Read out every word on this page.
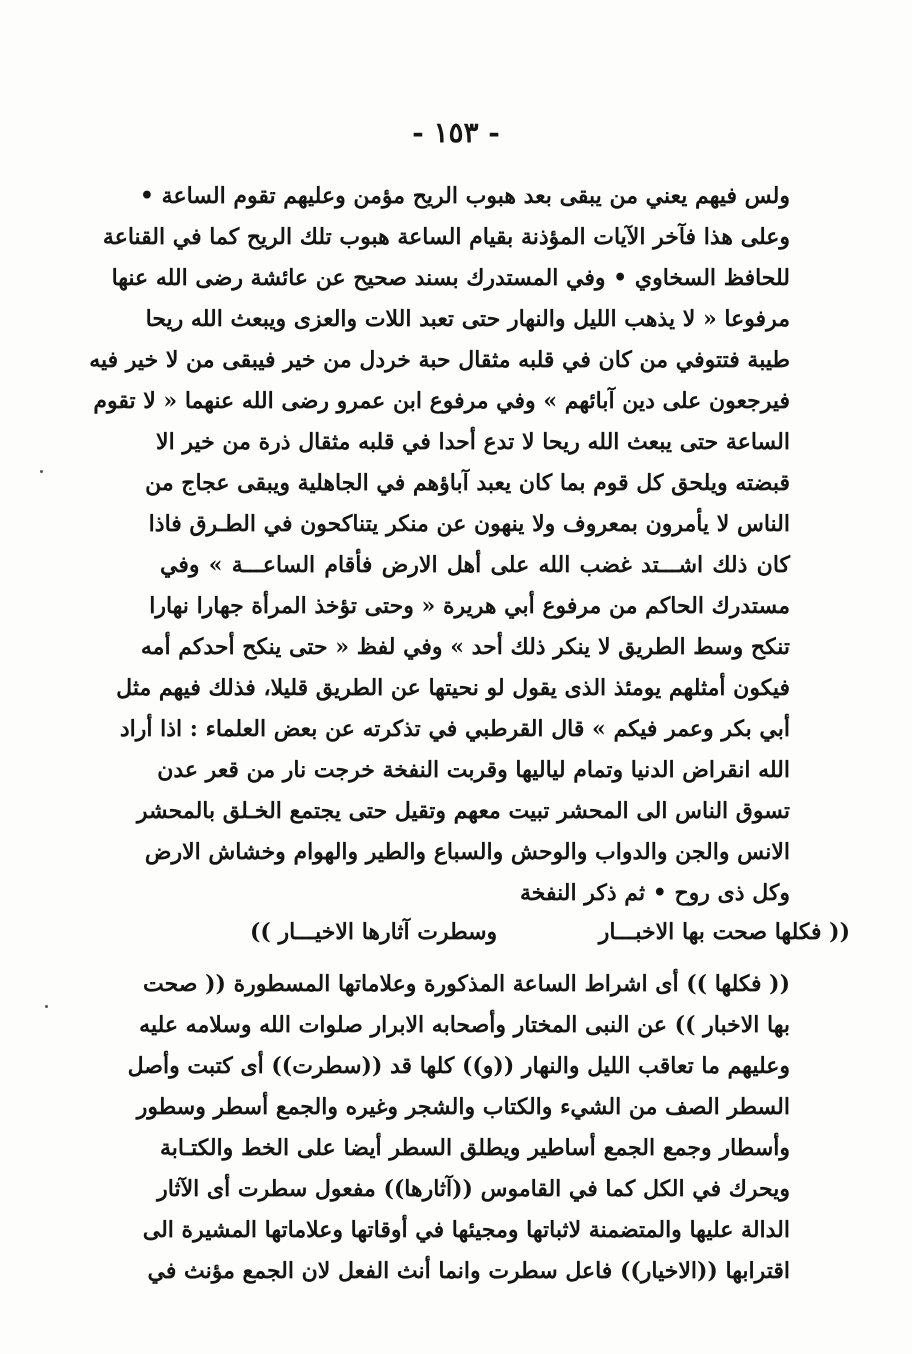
- ١٥٣ -
ولس فيهم يعني من يبقى بعد هبوب الريح مؤمن وعليهم تقوم الساعة •
وعلى هذا فآخر الآيات المؤذنة بقيام الساعة هبوب تلك الريح كما في القناعة
للحافظ السخاوي • وفي المستدرك بسند صحيح عن عائشة رضى الله عنها
مرفوعا « لا يذهب الليل والنهار حتى تعبد اللات والعزى ويبعث الله ريحا
طيبة فتتوفي من كان في قلبه مثقال حبة خردل من خير فيبقى من لا خير فيه
فيرجعون على دين آبائهم » وفي مرفوع ابن عمرو رضى الله عنهما « لا تقوم
الساعة حتى يبعث الله ريحا لا تدع أحدا في قلبه مثقال ذرة من خير الا
قبضته ويلحق كل قوم بما كان يعبد آباؤهم في الجاهلية ويبقى عجاج من
الناس لا يأمرون بمعروف ولا ينهون عن منكر يتناكحون في الطـرق فاذا
كان ذلك اشـــتد غضب الله على أهل الارض فأقام الساعـــة » وفي
مستدرك الحاكم من مرفوع أبي هريرة « وحتى تؤخذ المرأة جهارا نهارا
تنكح وسط الطريق لا ينكر ذلك أحد » وفي لفظ « حتى ينكح أحدكم أمه
فيكون أمثلهم يومئذ الذى يقول لو نحيتها عن الطريق قليلا، فذلك فيهم مثل
أبي بكر وعمر فيكم » قال القرطبي في تذكرته عن بعض العلماء : اذا أراد
الله انقراض الدنيا وتمام لياليها وقربت النفخة خرجت نار من قعر عدن
تسوق الناس الى المحشر تبيت معهم وتقيل حتى يجتمع الخـلق بالمحشر
الانس والجن والدواب والوحش والسباع والطير والهوام وخشاش الارض
وكل ذى روح • ثم ذكر النفخة
(( فكلها صحت بها الاخبـــار
وسطرت آثارها الاخيـــار ))
(( فكلها )) أى اشراط الساعة المذكورة وعلاماتها المسطورة (( صحت
بها الاخبار )) عن النبى المختار وأصحابه الابرار صلوات الله وسلامه عليه
وعليهم ما تعاقب الليل والنهار ((و)) كلها قد ((سطرت)) أى كتبت وأصل
السطر الصف من الشيء والكتاب والشجر وغيره والجمع أسطر وسطور
وأسطار وجمع الجمع أساطير ويطلق السطر أيضا على الخط والكتـابة
ويحرك في الكل كما في القاموس ((آثارها)) مفعول سطرت أى الآثار
الدالة عليها والمتضمنة لاثباتها ومجيئها في أوقاتها وعلاماتها المشيرة الى
اقترابها ((الاخيار)) فاعل سطرت وانما أنث الفعل لان الجمع مؤنث في
